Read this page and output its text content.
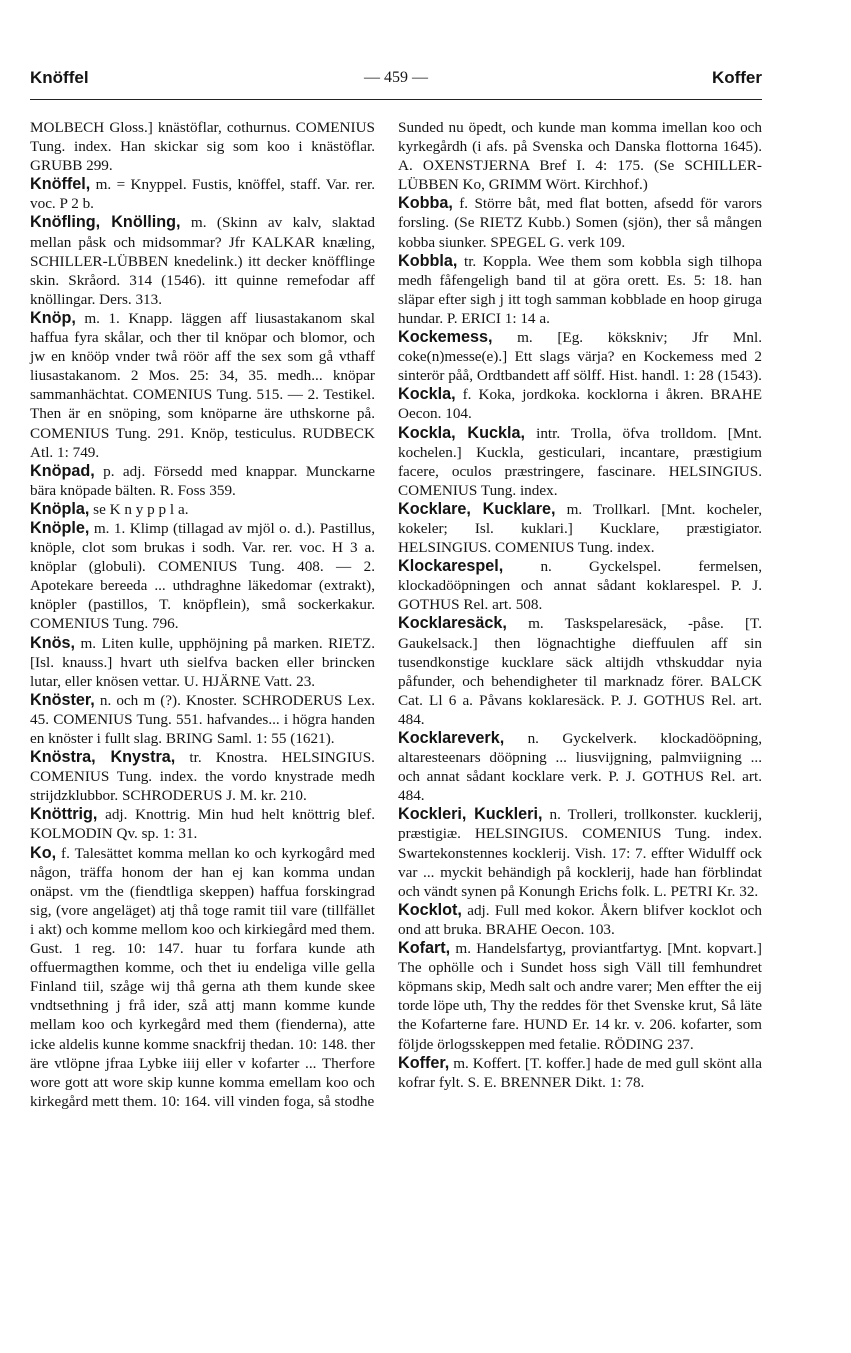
Knöffel	— 459 —	Koffer

MOLBECH Gloss.] knästöflar, cothurnus. COMENIUS Tung. index. Han skickar sig som koo i knästöflar. GRUBB 299.

Knöffel, m. = Knyppel. Fustis, knöffel, staff. Var. rer. voc. P 2 b.

Knöfling, Knölling, m. (Skinn av kalv, slaktad mellan påsk och midsommar? Jfr KALKAR knæling, SCHILLER-LÜBBEN knedelink.) itt decker knöfflinge skin. Skråord. 314 (1546). itt quinne remefodar aff knöllingar. Ders. 313.

Knöp, m. 1. Knapp. läggen aff liusastakanom skal haffua fyra skålar, och ther til knöpar och blomor, och jw en knööp vnder twå röör aff the sex som gå vthaff liusastakanom. 2 Mos. 25: 34, 35. medh... knöpar sammanhächtat. COMENIUS Tung. 515. — 2. Testikel. Then är en snöping, som knöparne äre uthskorne på. COMENIUS Tung. 291. Knöp, testiculus. RUDBECK Atl. 1: 749.

Knöpad, p. adj. Försedd med knappar. Munckarne bära knöpade bälten. R. Foss 359.

Knöpla, se K n y p p l a.

Knöple, m. 1. Klimp (tillagad av mjöl o. d.). Pastillus, knöple, clot som brukas i sodh. Var. rer. voc. H 3 a. knöplar (globuli). COMENIUS Tung. 408. — 2. Apotekare bereeda ... uthdraghne läkedomar (extrakt), knöpler (pastillos, T. knöpflein), små sockerkakur. COMENIUS Tung. 796.

Knös, m. Liten kulle, upphöjning på marken. RIETZ. [Isl. knauss.] hvart uth sielfva backen eller brincken lutar, eller knösen vettar. U. HJÄRNE Vatt. 23.

Knöster, n. och m (?). Knoster. SCHRODERUS Lex. 45. COMENIUS Tung. 551. hafvandes... i högra handen en knöster i fullt slag. BRING Saml. 1: 55 (1621).

Knöstra, Knystra, tr. Knostra. HELSINGIUS. COMENIUS Tung. index. the vordo knystrade medh strijdzklubbor. SCHRODERUS J. M. kr. 210.

Knöttrig, adj. Knottrig. Min hud helt knöttrig blef. KOLMODIN Qv. sp. 1: 31.

Ko, f. Talesättet komma mellan ko och kyrkogård med någon, träffa honom der han ej kan komma undan onäpst. vm the (fiendtliga skeppen) haffua forskingrad sig, (vore angeläget) atj thå toge ramit tiil vare (tillfället i akt) och komme mellom koo och kirkiegård med them. Gust. 1 reg. 10: 147. huar tu forfara kunde ath offuermagthen komme, och thet iu endeliga ville gella Finland tiil, szåge wij thå gerna ath them kunde skee vndtsethning j frå ider, szå attj mann komme kunde mellam koo och kyrkegård med them (fienderna), atte icke aldelis kunne komme snackfrij thedan. 10: 148. ther äre vtlöpne jfraa Lybke iiij eller v kofarter ... Therfore wore gott att wore skip kunne komma emellam koo och kirkegård mett them. 10: 164. vill vinden foga, så stodhe

Sunded nu öpedt, och kunde man komma imellan koo och kyrkegårdh (i afs. på Svenska och Danska flottorna 1645). A. OXENSTJERNA Bref I. 4: 175. (Se SCHILLER-LÜBBEN Ko, GRIMM Wört. Kirchhof.)

Kobba, f. Större båt, med flat botten, afsedd för varors forsling. (Se RIETZ Kubb.) Somen (sjön), ther så mången kobba siunker. SPEGEL G. verk 109.

Kobbla, tr. Koppla. Wee them som kobbla sigh tilhopa medh fåfengeligh band til at göra orett. Es. 5: 18. han släpar efter sigh j itt togh samman kobblade en hoop giruga hundar. P. ERICI 1: 14 a.

Kockemess, m. [Eg. kökskniv; Jfr Mnl. coke(n)messe(e).] Ett slags värja? en Kockemess med 2 sinterör påå, Ordtbandett aff sölff. Hist. handl. 1: 28 (1543).

Kockla, f. Koka, jordkoka. kocklorna i åkren. BRAHE Oecon. 104.

Kockla, Kuckla, intr. Trolla, öfva trolldom. [Mnt. kochelen.] Kuckla, gesticulari, incantare, præstigium facere, oculos præstringere, fascinare. HELSINGIUS. COMENIUS Tung. index.

Kocklare, Kucklare, m. Trollkarl. [Mnt. kocheler, kokeler; Isl. kuklari.] Kucklare, præstigiator. HELSINGIUS. COMENIUS Tung. index.

Klockarespel, n. Gyckelspel. fermelsen, klockadööpningen och annat sådant koklarespel. P. J. GOTHUS Rel. art. 508.

Kocklaresäck, m. Taskspelaresäck, -påse. [T. Gaukelsack.] then lögnachtighe dieffuulen aff sin tusendkonstige kucklare säck altijdh vthskuddar nyia påfunder, och behendigheter til marknadz förer. BALCK Cat. Ll 6 a. Påvans koklaresäck. P. J. GOTHUS Rel. art. 484.

Kocklareverk, n. Gyckelverk. klockadööpning, altaresteenars dööpning ... liusvijgning, palmviigning ... och annat sådant kocklare verk. P. J. GOTHUS Rel. art. 484.

Kockleri, Kuckleri, n. Trolleri, trollkonster. kucklerij, præstigiæ. HELSINGIUS. COMENIUS Tung. index. Swartekonstennes kocklerij. Vish. 17: 7. effter Widulff ock var ... myckit behändigh på kocklerij, hade han förblindat och vändt synen på Konungh Erichs folk. L. PETRI Kr. 32.

Kocklot, adj. Full med kokor. Åkern blifver kocklot och ond att bruka. BRAHE Oecon. 103.

Kofart, m. Handelsfartyg, proviantfartyg. [Mnt. kopvart.] The ophölle och i Sundet hoss sigh Väll till femhundret köpmans skip, Medh salt och andre varer; Men effter the eij torde löpe uth, Thy the reddes för thet Svenske krut, Så läte the Kofarterne fare. HUND Er. 14 kr. v. 206. kofarter, som följde örlogsskeppen med fetalie. RÖDING 237.

Koffer, m. Koffert. [T. koffer.] hade de med gull skönt alla kofrar fylt. S. E. BRENNER Dikt. 1: 78.
